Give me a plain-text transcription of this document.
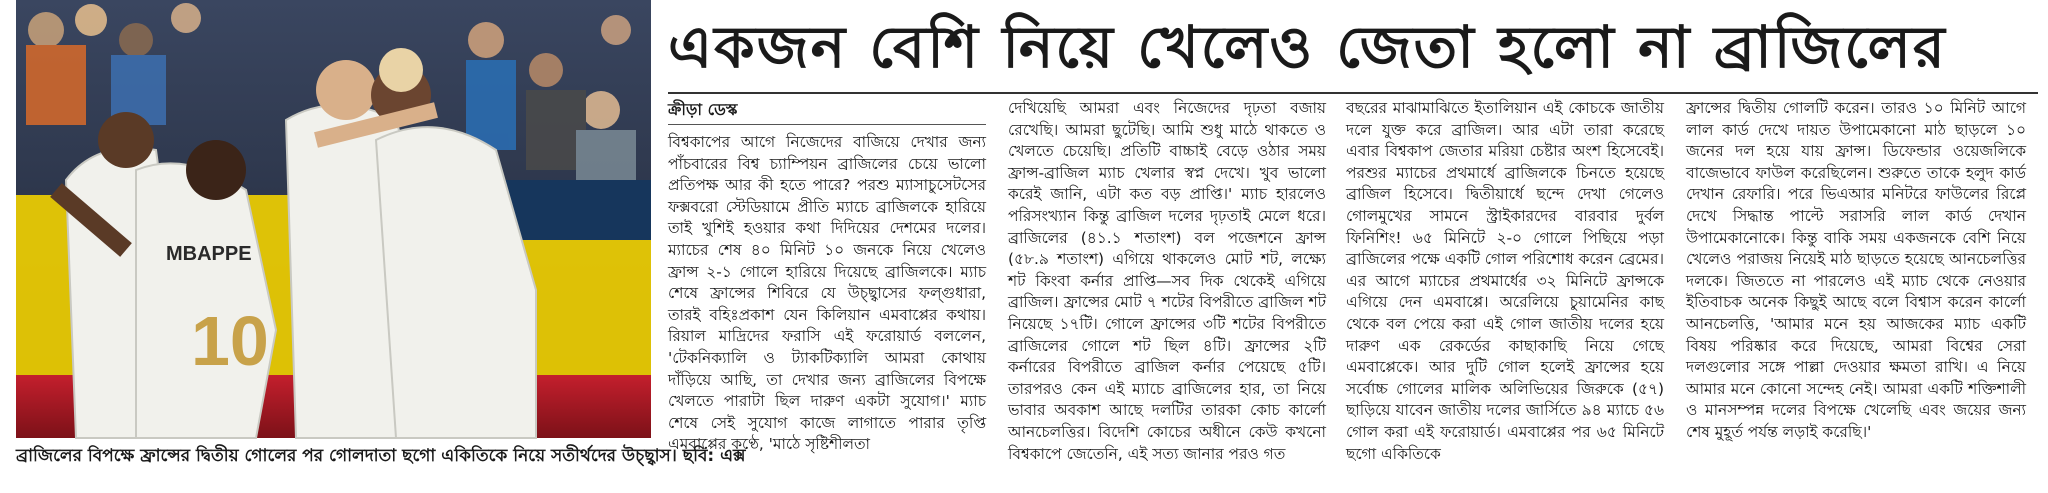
MBAPPE
10
ব্রাজিলের বিপক্ষে ফ্রান্সের দ্বিতীয় গোলের পর গোলদাতা ছগো একিতিকে নিয়ে সতীর্থদের উচ্ছ্বাস। ছবি: এক্স
একজন বেশি নিয়ে খেলেও জেতা হলো না ব্রাজিলের
ক্রীড়া ডেস্ক

বিশ্বকাপের আগে নিজেদের বাজিয়ে দেখার জন্য পাঁচবারের বিশ্ব চ্যাম্পিয়ন ব্রাজিলের চেয়ে ভালো প্রতিপক্ষ আর কী হতে পারে? পরশু ম্যাসাচুসেটসের ফক্সবরো স্টেডিয়ামে প্রীতি ম্যাচে ব্রাজিলকে হারিয়ে তাই খুশিই হওয়ার কথা দিদিয়ের দেশমের দলের। ম্যাচের শেষ ৪০ মিনিট ১০ জনকে নিয়ে খেলেও ফ্রান্স ২-১ গোলে হারিয়ে দিয়েছে ব্রাজিলকে। ম্যাচ শেষে ফ্রান্সের শিবিরে যে উচ্ছ্বাসের ফল্গুধারা, তারই বহিঃপ্রকাশ যেন কিলিয়ান এমবাপ্পের কথায়। রিয়াল মাদ্রিদের ফরাসি এই ফরোয়ার্ড বললেন, 'টেকনিক্যালি ও ট্যাকটিক্যালি আমরা কোথায় দাঁড়িয়ে আছি, তা দেখার জন্য ব্রাজিলের বিপক্ষে খেলতে পারাটা ছিল দারুণ একটা সুযোগ।' ম্যাচ শেষে সেই সুযোগ কাজে লাগাতে পারার তৃপ্তি এমবাপ্পের কণ্ঠে, 'মাঠে সৃষ্টিশীলতা

দেখিয়েছি আমরা এবং নিজেদের দৃঢ়তা বজায় রেখেছি। আমরা ছুটেছি। আমি শুধু মাঠে থাকতে ও খেলতে চেয়েছি। প্রতিটি বাচ্চাই বেড়ে ওঠার সময় ফ্রান্স-ব্রাজিল ম্যাচ খেলার স্বপ্ন দেখে। খুব ভালো করেই জানি, এটা কত বড় প্রাপ্তি।' ম্যাচ হারলেও পরিসংখ্যান কিন্তু ব্রাজিল দলের দৃঢ়তাই মেলে ধরে। ব্রাজিলের (৪১.১ শতাংশ) বল পজেশনে ফ্রান্স (৫৮.৯ শতাংশ) এগিয়ে থাকলেও মোট শট, লক্ষ্যে শট কিংবা কর্নার প্রাপ্তি—সব দিক থেকেই এগিয়ে ব্রাজিল। ফ্রান্সের মোট ৭ শটের বিপরীতে ব্রাজিল শট নিয়েছে ১৭টি। গোলে ফ্রান্সের ৩টি শটের বিপরীতে ব্রাজিলের গোলে শট ছিল ৪টি। ফ্রান্সের ২টি কর্নারের বিপরীতে ব্রাজিল কর্নার পেয়েছে ৫টি। তারপরও কেন এই ম্যাচে ব্রাজিলের হার, তা নিয়ে ভাবার অবকাশ আছে দলটির তারকা কোচ কার্লো আনচেলত্তির। বিদেশি কোচের অধীনে কেউ কখনো বিশ্বকাপে জেতেনি, এই সত্য জানার পরও গত

বছরের মাঝামাঝিতে ইতালিয়ান এই কোচকে জাতীয় দলে যুক্ত করে ব্রাজিল। আর এটা তারা করেছে এবার বিশ্বকাপ জেতার মরিয়া চেষ্টার অংশ হিসেবেই। পরশুর ম্যাচের প্রথমার্ধে ব্রাজিলকে চিনতে হয়েছে ব্রাজিল হিসেবে। দ্বিতীয়ার্ধে ছন্দে দেখা গেলেও গোলমুখের সামনে স্ট্রাইকারদের বারবার দুর্বল ফিনিশিং! ৬৫ মিনিটে ২-০ গোলে পিছিয়ে পড়া ব্রাজিলের পক্ষে একটি গোল পরিশোধ করেন ব্রেমের। এর আগে ম্যাচের প্রথমার্ধের ৩২ মিনিটে ফ্রান্সকে এগিয়ে দেন এমবাপ্পে। অরেলিয়ে চুয়ামেনির কাছ থেকে বল পেয়ে করা এই গোল জাতীয় দলের হয়ে দারুণ এক রেকর্ডের কাছাকাছি নিয়ে গেছে এমবাপ্পেকে। আর দুটি গোল হলেই ফ্রান্সের হয়ে সর্বোচ্চ গোলের মালিক অলিভিয়ের জিরুকে (৫৭) ছাড়িয়ে যাবেন জাতীয় দলের জার্সিতে ৯৪ ম্যাচে ৫৬ গোল করা এই ফরোয়ার্ড। এমবাপ্পের পর ৬৫ মিনিটে ছগো একিতিকে

ফ্রান্সের দ্বিতীয় গোলটি করেন। তারও ১০ মিনিট আগে লাল কার্ড দেখে দায়ত উপামেকানো মাঠ ছাড়লে ১০ জনের দল হয়ে যায় ফ্রান্স। ডিফেন্ডার ওয়েজলিকে বাজেভাবে ফাউল করেছিলেন। শুরুতে তাকে হলুদ কার্ড দেখান রেফারি। পরে ভিএআর মনিটরে ফাউলের রিপ্লে দেখে সিদ্ধান্ত পাল্টে সরাসরি লাল কার্ড দেখান উপামেকানোকে। কিন্তু বাকি সময় একজনকে বেশি নিয়ে খেলেও পরাজয় নিয়েই মাঠ ছাড়তে হয়েছে আনচেলত্তির দলকে। জিততে না পারলেও এই ম্যাচ থেকে নেওয়ার ইতিবাচক অনেক কিছুই আছে বলে বিশ্বাস করেন কার্লো আনচেলত্তি, 'আমার মনে হয় আজকের ম্যাচ একটি বিষয় পরিষ্কার করে দিয়েছে, আমরা বিশ্বের সেরা দলগুলোর সঙ্গে পাল্লা দেওয়ার ক্ষমতা রাখি। এ নিয়ে আমার মনে কোনো সন্দেহ নেই। আমরা একটি শক্তিশালী ও মানসম্পন্ন দলের বিপক্ষে খেলেছি এবং জয়ের জন্য শেষ মুহূর্ত পর্যন্ত লড়াই করেছি।'
